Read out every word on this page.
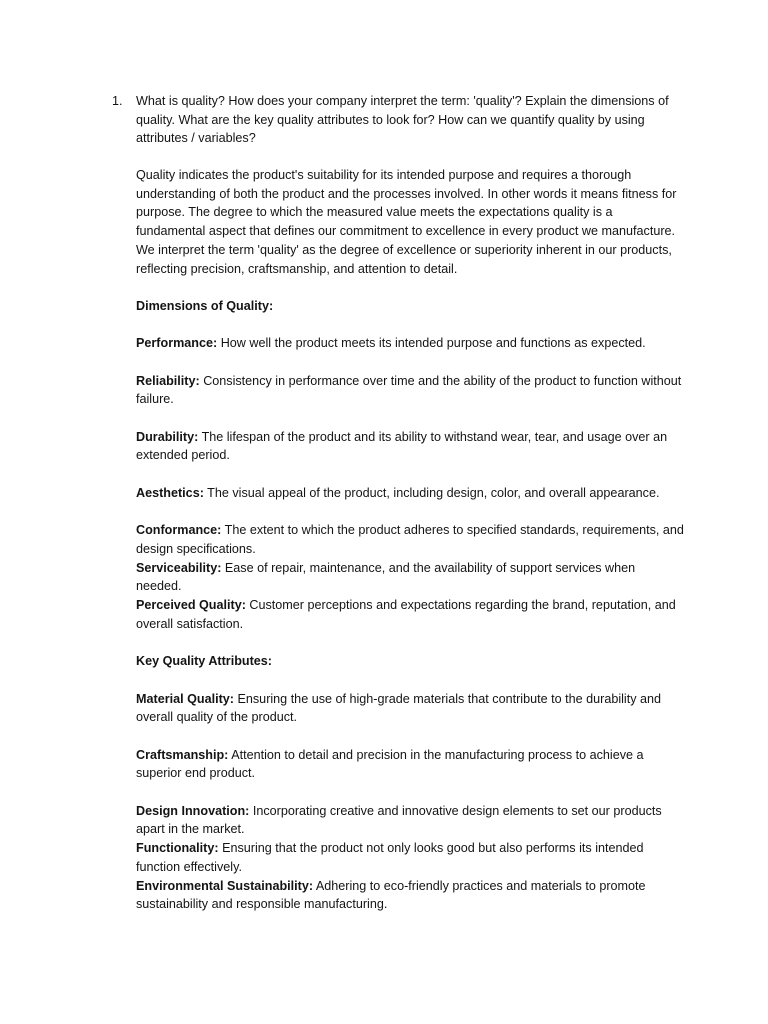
1. What is quality? How does your company interpret the term: 'quality'? Explain the dimensions of quality. What are the key quality attributes to look for? How can we quantify quality by using attributes / variables?

Quality indicates the product's suitability for its intended purpose and requires a thorough understanding of both the product and the processes involved. In other words it means fitness for purpose. The degree to which the measured value meets the expectations quality is a fundamental aspect that defines our commitment to excellence in every product we manufacture. We interpret the term 'quality' as the degree of excellence or superiority inherent in our products, reflecting precision, craftsmanship, and attention to detail.

Dimensions of Quality:

Performance: How well the product meets its intended purpose and functions as expected.

Reliability: Consistency in performance over time and the ability of the product to function without failure.

Durability: The lifespan of the product and its ability to withstand wear, tear, and usage over an extended period.

Aesthetics: The visual appeal of the product, including design, color, and overall appearance.

Conformance: The extent to which the product adheres to specified standards, requirements, and design specifications.

Serviceability: Ease of repair, maintenance, and the availability of support services when needed.

Perceived Quality: Customer perceptions and expectations regarding the brand, reputation, and overall satisfaction.

Key Quality Attributes:

Material Quality: Ensuring the use of high-grade materials that contribute to the durability and overall quality of the product.

Craftsmanship: Attention to detail and precision in the manufacturing process to achieve a superior end product.

Design Innovation: Incorporating creative and innovative design elements to set our products apart in the market.

Functionality: Ensuring that the product not only looks good but also performs its intended function effectively.

Environmental Sustainability: Adhering to eco-friendly practices and materials to promote sustainability and responsible manufacturing.
